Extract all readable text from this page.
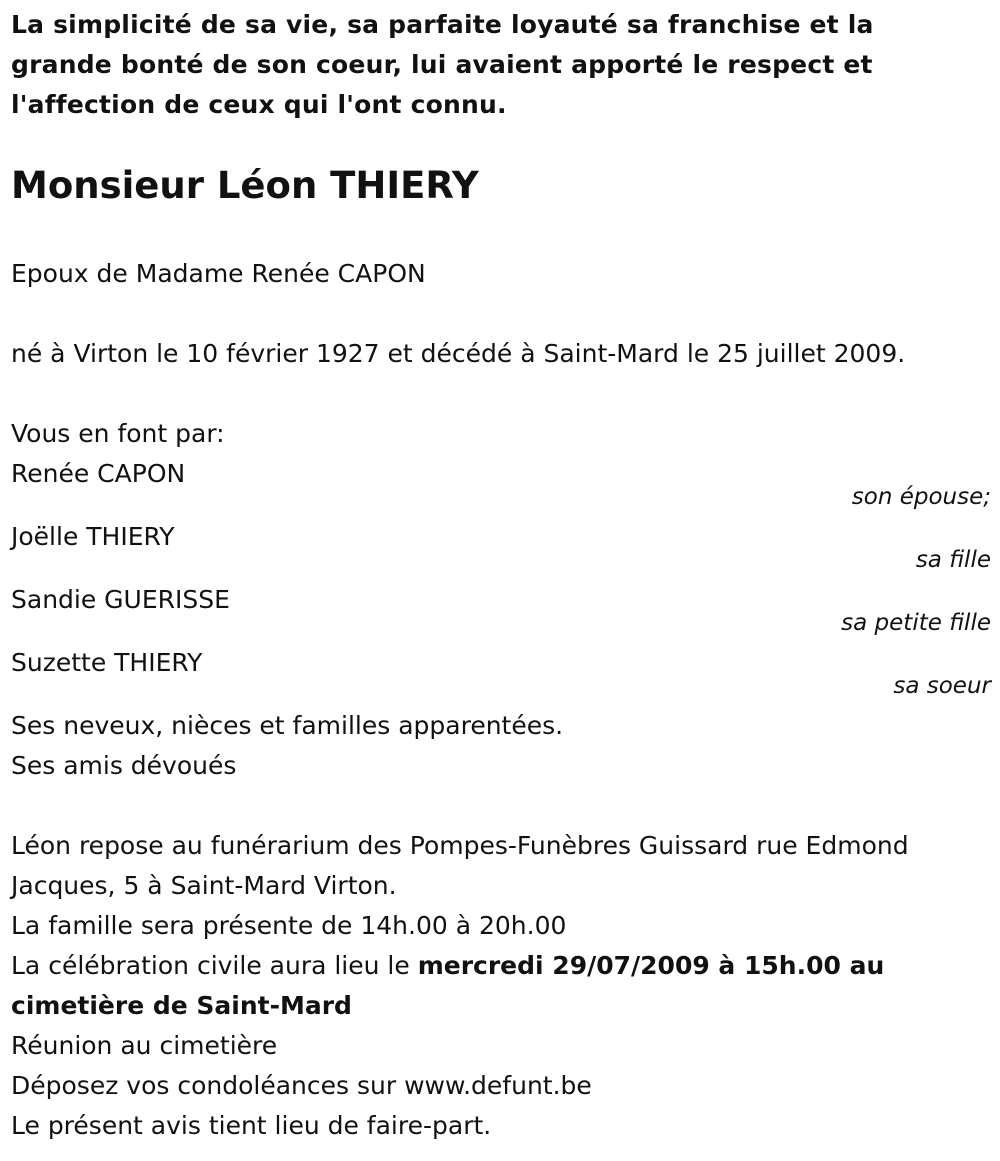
La simplicité de sa vie, sa parfaite loyauté sa franchise et la grande bonté de son coeur, lui avaient apporté le respect et l'affection de ceux qui l'ont connu.
Monsieur Léon THIERY
Epoux de Madame Renée CAPON
né à Virton le 10 février 1927 et décédé à Saint-Mard le 25 juillet 2009.
Vous en font par:
Renée CAPON
son épouse;
Joëlle THIERY
sa fille
Sandie GUERISSE
sa petite fille
Suzette THIERY
sa soeur
Ses neveux, nièces et familles apparentées.
Ses amis dévoués
Léon repose au funérarium des Pompes-Funèbres Guissard rue Edmond Jacques, 5 à Saint-Mard Virton.
La famille sera présente de 14h.00 à 20h.00
La célébration civile aura lieu le mercredi 29/07/2009 à 15h.00 au cimetière de Saint-Mard
Réunion au cimetière
Déposez vos condoléances sur www.defunt.be
Le présent avis tient lieu de faire-part.
